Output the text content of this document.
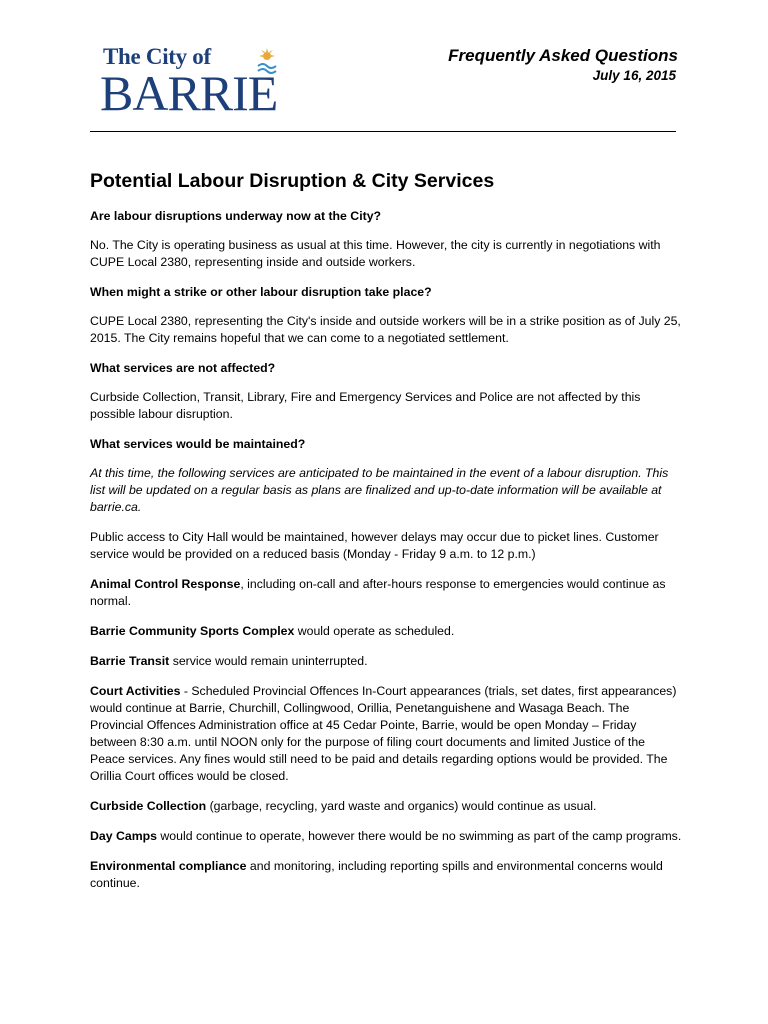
The City of
BARRIE
Frequently Asked Questions
July 16, 2015
Potential Labour Disruption & City Services
Are labour disruptions underway now at the City?

No. The City is operating business as usual at this time. However, the city is currently in negotiations with CUPE Local 2380, representing inside and outside workers.

When might a strike or other labour disruption take place?

CUPE Local 2380, representing the City's inside and outside workers will be in a strike position as of July 25, 2015. The City remains hopeful that we can come to a negotiated settlement.

What services are not affected?

Curbside Collection, Transit, Library, Fire and Emergency Services and Police are not affected by this possible labour disruption.

What services would be maintained?

At this time, the following services are anticipated to be maintained in the event of a labour disruption. This list will be updated on a regular basis as plans are finalized and up-to-date information will be available at barrie.ca.

Public access to City Hall would be maintained, however delays may occur due to picket lines. Customer service would be provided on a reduced basis (Monday - Friday 9 a.m. to 12 p.m.)

Animal Control Response, including on-call and after-hours response to emergencies would continue as normal.

Barrie Community Sports Complex would operate as scheduled.

Barrie Transit service would remain uninterrupted.

Court Activities - Scheduled Provincial Offences In-Court appearances (trials, set dates, first appearances) would continue at Barrie, Churchill, Collingwood, Orillia, Penetanguishene and Wasaga Beach. The Provincial Offences Administration office at 45 Cedar Pointe, Barrie, would be open Monday – Friday between 8:30 a.m. until NOON only for the purpose of filing court documents and limited Justice of the Peace services. Any fines would still need to be paid and details regarding options would be provided. The Orillia Court offices would be closed.

Curbside Collection (garbage, recycling, yard waste and organics) would continue as usual.

Day Camps would continue to operate, however there would be no swimming as part of the camp programs.

Environmental compliance and monitoring, including reporting spills and environmental concerns would continue.
